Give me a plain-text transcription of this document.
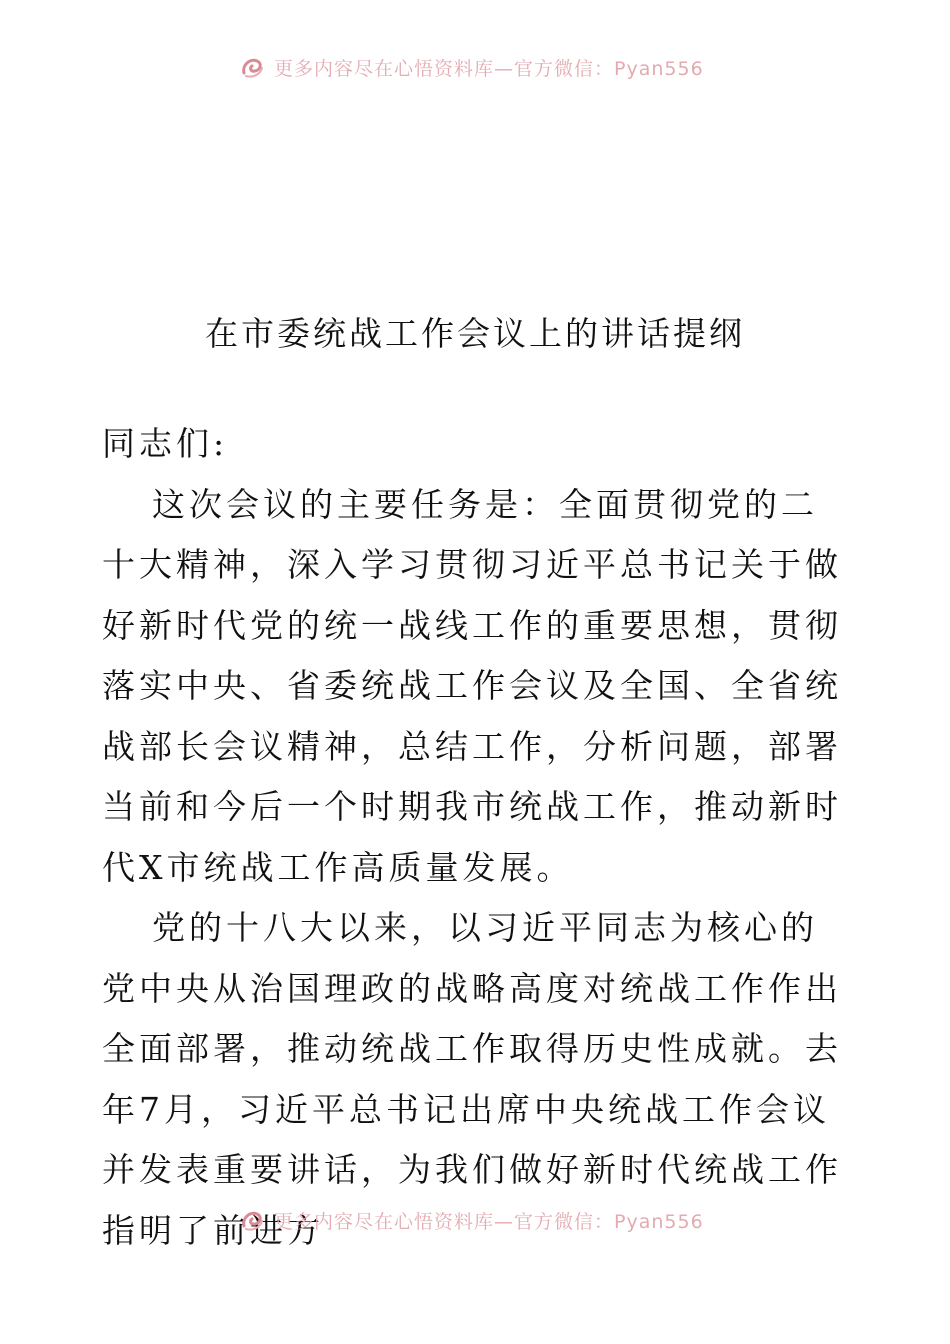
更多内容尽在心悟资料库—官方微信：Pyan556
在市委统战工作会议上的讲话提纲

同志们:

这次会议的主要任务是：全面贯彻党的二十大精神，深入学习贯彻习近平总书记关于做好新时代党的统一战线工作的重要思想，贯彻落实中央、省委统战工作会议及全国、全省统战部长会议精神，总结工作，分析问题，部署当前和今后一个时期我市统战工作，推动新时代X市统战工作高质量发展。

党的十八大以来，以习近平同志为核心的党中央从治国理政的战略高度对统战工作作出全面部署，推动统战工作取得历史性成就。去年7月，习近平总书记出席中央统战工作会议并发表重要讲话，为我们做好新时代统战工作指明了前进方

更多内容尽在心悟资料库—官方微信：Pyan556
